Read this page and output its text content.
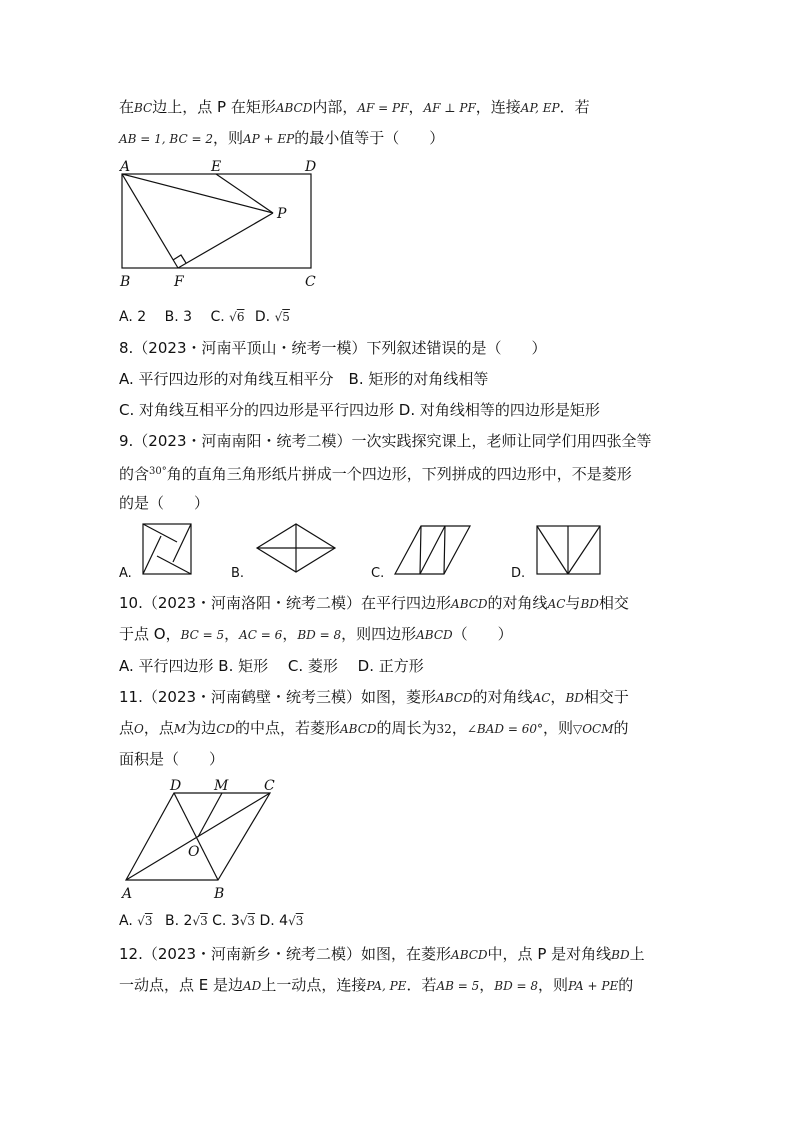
在BC边上，点 P 在矩形ABCD内部，AF = PF，AF ⊥ PF，连接AP, EP．若
AB = 1, BC = 2，则AP + EP的最小值等于（　　）
A	E	D
P
B	F	C
A. 2 B. 3 C. √6 D. √5
8.（2023・河南平顶山・统考一模）下列叙述错误的是（　　）
A. 平行四边形的对角线互相平分　B. 矩形的对角线相等
C. 对角线互相平分的四边形是平行四边形 D. 对角线相等的四边形是矩形
9.（2023・河南南阳・统考二模）一次实践探究课上，老师让同学们用四张全等
的含$^{30^\circ}$角的直角三角形纸片拼成一个四边形，下列拼成的四边形中，不是菱形
的是（　　）
A.	B.	C.	D.
10.（2023・河南洛阳・统考二模）在平行四边形ABCD的对角线AC与BD相交
于点 O，BC = 5，AC = 6，BD = 8，则四边形ABCD（　　）
A. 平行四边形 B. 矩形　 C. 菱形　 D. 正方形
11.（2023・河南鹤壁・统考三模）如图，菱形ABCD的对角线AC，BD相交于
点O，点M为边CD的中点，若菱形ABCD的周长为32，∠BAD = 60°，则▽OCM的
面积是（　　）
D M	C
O
A	B
A. √3 B. 2√3 C. 3√3 D. 4√3
12.（2023・河南新乡・统考二模）如图，在菱形ABCD中，点 P 是对角线BD上
一动点，点 E 是边AD上一动点，连接PA, PE．若AB = 5，BD = 8，则PA + PE的
